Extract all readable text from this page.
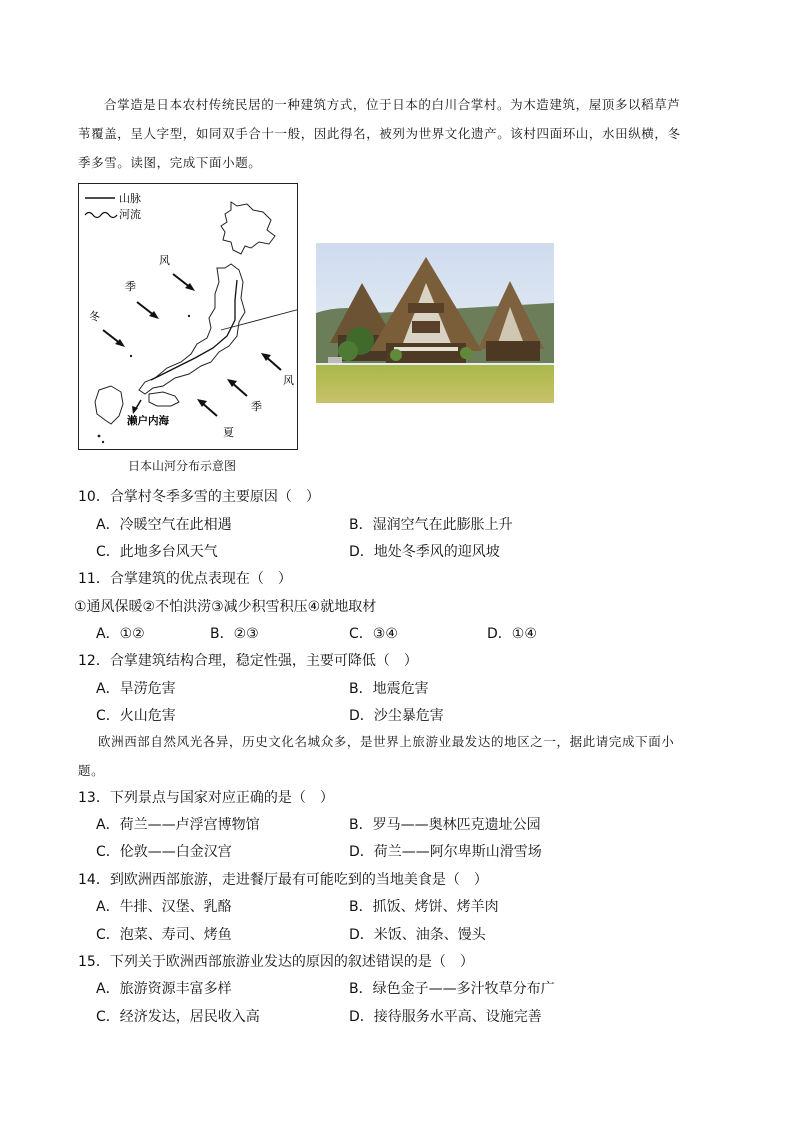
合掌造是日本农村传统民居的一种建筑方式，位于日本的白川合掌村。为木造建筑，屋顶多以稻草芦
苇覆盖，呈人字型，如同双手合十一般，因此得名，被列为世界文化遗产。该村四面环山，水田纵横，冬
季多雪。读图，完成下面小题。
山脉
河流
风
季
冬
风
季
夏
濑户内海
日本山河分布示意图
10．合掌村冬季多雪的主要原因（　）
A．冷暖空气在此相遇	B．湿润空气在此膨胀上升
C．此地多台风天气	D．地处冬季风的迎风坡
11．合掌建筑的优点表现在（　）
①通风保暖②不怕洪涝③减少积雪积压④就地取材
A．①②	B．②③	C．③④	D．①④
12．合掌建筑结构合理，稳定性强，主要可降低（　）
A．旱涝危害	B．地震危害
C．火山危害	D．沙尘暴危害
欧洲西部自然风光各异，历史文化名城众多，是世界上旅游业最发达的地区之一，据此请完成下面小
题。
13．下列景点与国家对应正确的是（　）
A．荷兰——卢浮宫博物馆	B．罗马——奥林匹克遗址公园
C．伦敦——白金汉宫	D．荷兰——阿尔卑斯山滑雪场
14．到欧洲西部旅游，走进餐厅最有可能吃到的当地美食是（　）
A．牛排、汉堡、乳酪	B．抓饭、烤饼、烤羊肉
C．泡菜、寿司、烤鱼	D．米饭、油条、馒头
15．下列关于欧洲西部旅游业发达的原因的叙述错误的是（　）
A．旅游资源丰富多样	B．绿色金子——多汁牧草分布广
C．经济发达，居民收入高	D．接待服务水平高、设施完善
